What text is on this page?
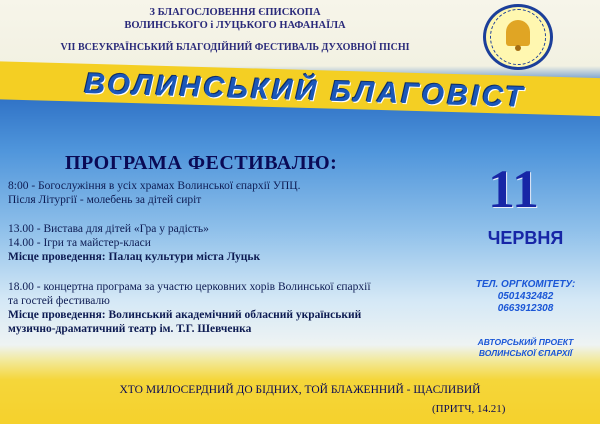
З БЛАГОСЛОВЕННЯ ЄПИСКОПА
ВОЛИНСЬКОГО і ЛУЦЬКОГО НАФАНАЇЛА
VII ВСЕУКРАЇНСЬКИЙ БЛАГОДІЙНИЙ ФЕСТИВАЛЬ ДУХОВНОЇ ПІСНІ
ВОЛИНСЬКИЙ БЛАГОВІСТ
ПРОГРАМА ФЕСТИВАЛЮ:
8:00 - Богослужіння в усіх храмах Волинської єпархії УПЦ.
Після Літургії - молебень за дітей сиріт
13.00 - Вистава для дітей «Гра у радість»
14.00 - Ігри та майстер-класи
Місце проведення: Палац культури міста Луцьк
18.00 - концертна програма за участю церковних хорів Волинської єпархії
та гостей фестивалю
Місце проведення: Волинський академічний обласний український
музично-драматичний театр ім. Т.Г. Шевченка
11
ЧЕРВНЯ
ТЕЛ. ОРГКОМІТЕТУ:
0501432482
0663912308
АВТОРСЬКИЙ ПРОЕКТ
ВОЛИНСЬКОЇ ЄПАРХІЇ
ХТО МИЛОСЕРДНИЙ ДО БІДНИХ, ТОЙ БЛАЖЕННИЙ - ЩАСЛИВИЙ
(ПРИТЧ, 14.21)
